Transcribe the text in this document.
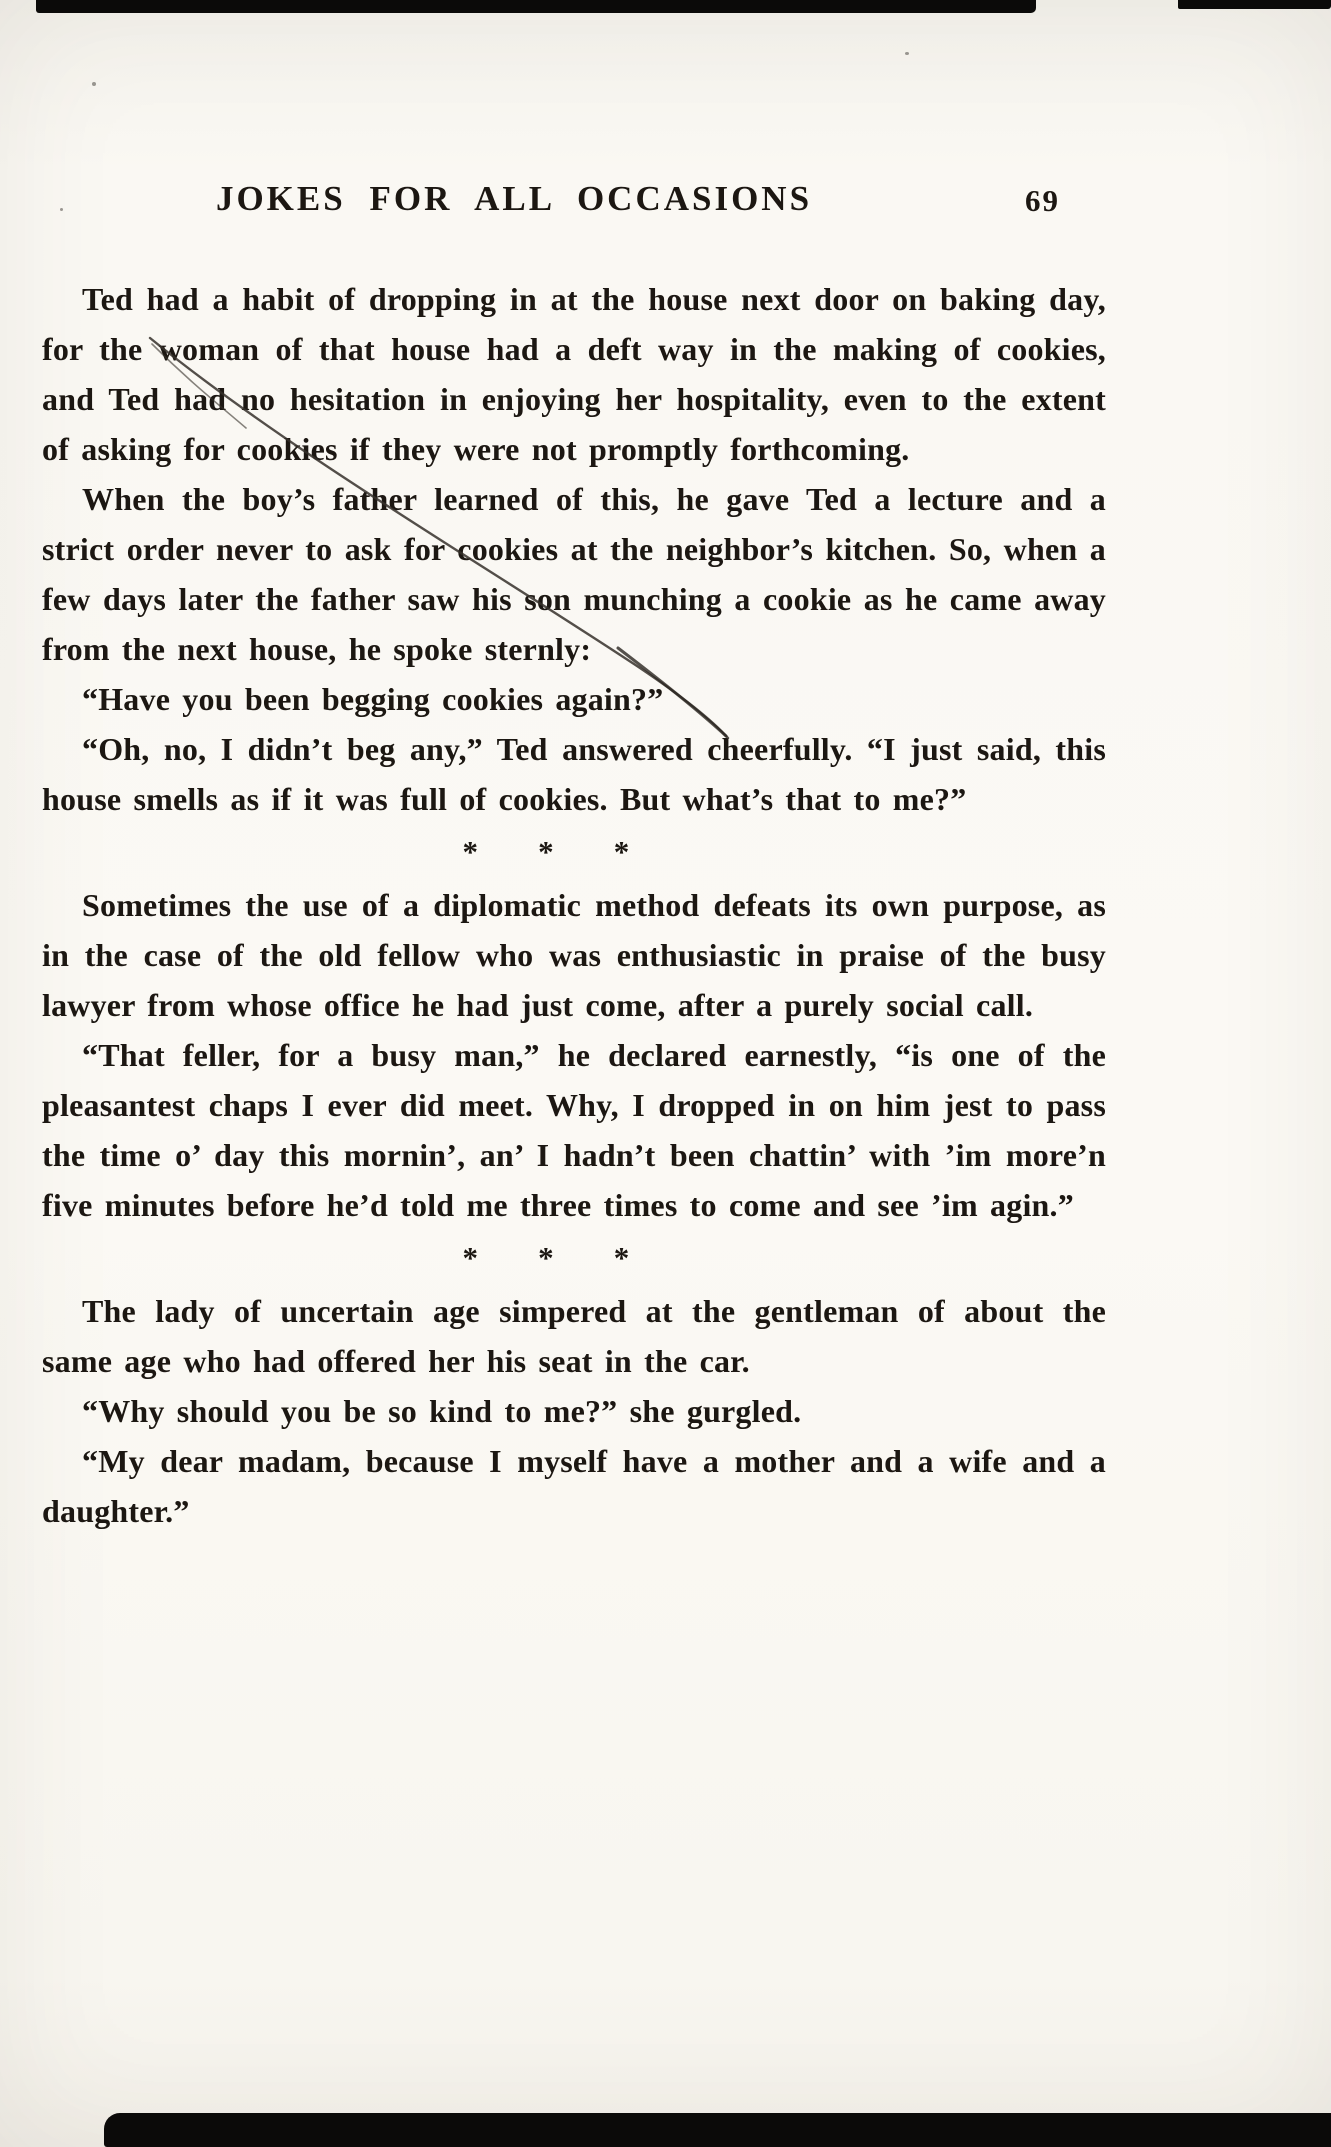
JOKES FOR ALL OCCASIONS	69

Ted had a habit of dropping in at the house next door on baking day, for the woman of that house had a deft way in the making of cookies, and Ted had no hesitation in enjoying her hospitality, even to the extent of asking for cookies if they were not promptly forthcoming.

When the boy’s father learned of this, he gave Ted a lecture and a strict order never to ask for cookies at the neighbor’s kitchen. So, when a few days later the father saw his son munching a cookie as he came away from the next house, he spoke sternly:

“Have you been begging cookies again?”

“Oh, no, I didn’t beg any,” Ted answered cheerfully. “I just said, this house smells as if it was full of cookies. But what’s that to me?”

* * *

Sometimes the use of a diplomatic method defeats its own purpose, as in the case of the old fellow who was enthusiastic in praise of the busy lawyer from whose office he had just come, after a purely social call.

“That feller, for a busy man,” he declared earnestly, “is one of the pleasantest chaps I ever did meet. Why, I dropped in on him jest to pass the time o’ day this mornin’, an’ I hadn’t been chattin’ with ’im more’n five minutes before he’d told me three times to come and see ’im agin.”

* * *

The lady of uncertain age simpered at the gentleman of about the same age who had offered her his seat in the car.

“Why should you be so kind to me?” she gurgled.

“My dear madam, because I myself have a mother and a wife and a daughter.”
